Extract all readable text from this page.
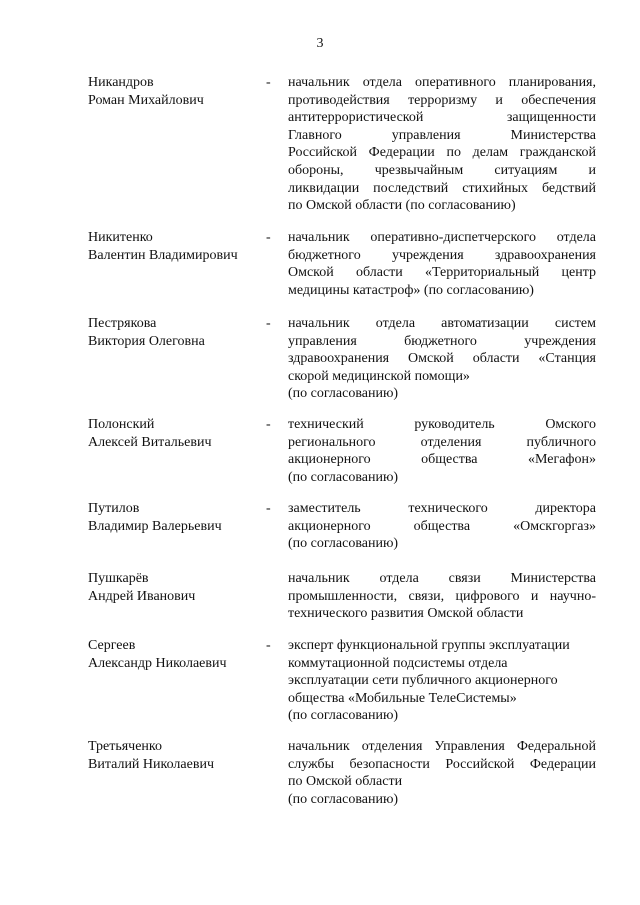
3
Никандров
Роман Михайлович
- начальник отдела оперативного планирования,
противодействия терроризму и обеспечения
антитеррористической защищенности
Главного управления Министерства
Российской Федерации по делам гражданской
обороны, чрезвычайным ситуациям и
ликвидации последствий стихийных бедствий
по Омской области (по согласованию)
Никитенко
Валентин Владимирович
- начальник оперативно-диспетчерского отдела
бюджетного учреждения здравоохранения
Омской области «Территориальный центр
медицины катастроф» (по согласованию)
Пестрякова
Виктория Олеговна
- начальник отдела автоматизации систем
управления бюджетного учреждения
здравоохранения Омской области «Станция
скорой медицинской помощи»
(по согласованию)
Полонский
Алексей Витальевич
- технический руководитель Омского
регионального отделения публичного
акционерного общества «Мегафон»
(по согласованию)
Путилов
Владимир Валерьевич
- заместитель технического директора
акционерного общества «Омскгоргаз»
(по согласованию)
Пушкарёв
Андрей Иванович
начальник отдела связи Министерства
промышленности, связи, цифрового и научно-
технического развития Омской области
Сергеев
Александр Николаевич
- эксперт функциональной группы эксплуатации
коммутационной подсистемы отдела
эксплуатации сети публичного акционерного
общества «Мобильные ТелеСистемы»
(по согласованию)
Третьяченко
Виталий Николаевич
начальник отделения Управления Федеральной
службы безопасности Российской Федерации
по Омской области
(по согласованию)
